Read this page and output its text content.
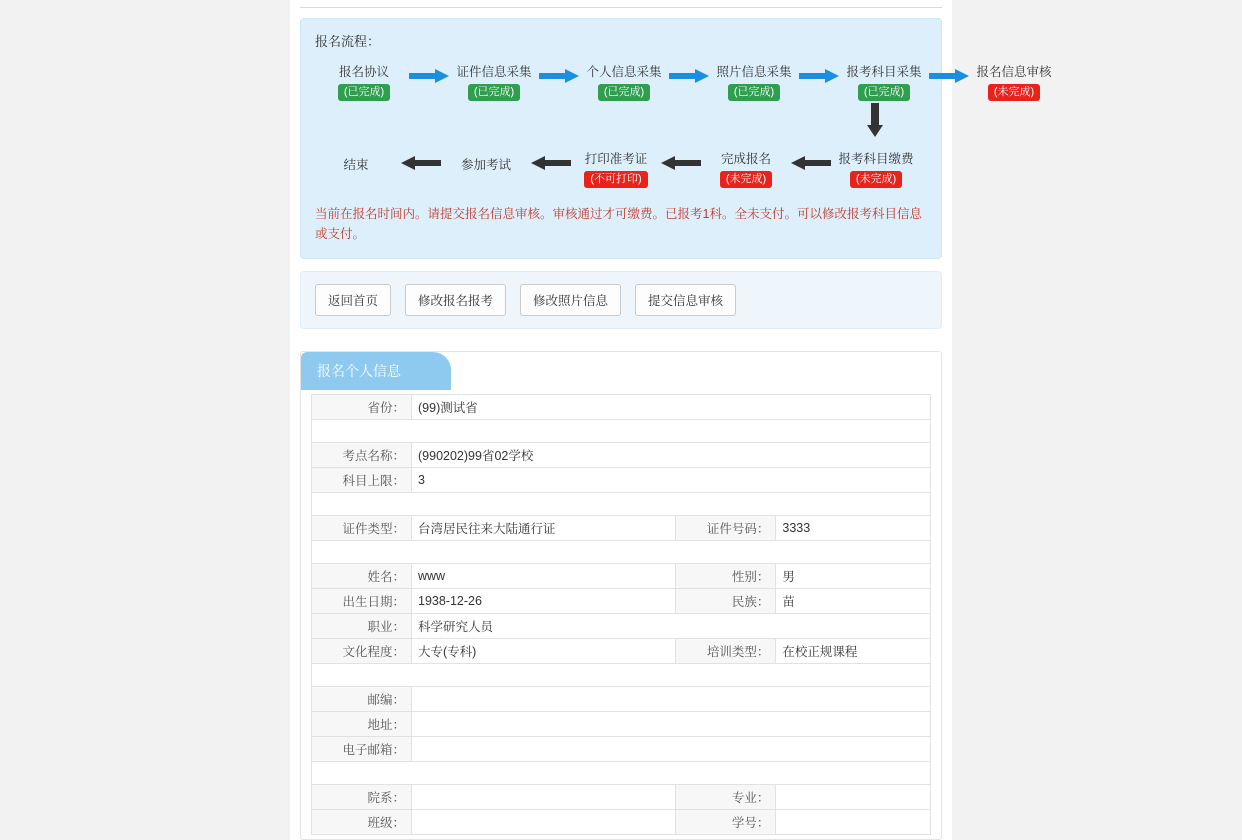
报名流程：
报名协议
(已完成)
证件信息采集
(已完成)
个人信息采集
(已完成)
照片信息采集
(已完成)
报考科目采集
(已完成)
报名信息审核
(未完成)
结束	参加考试	打印准考证
(不可打印)
完成报名
(未完成)
报考科目缴费
(未完成)
当前在报名时间内。请提交报名信息审核。审核通过才可缴费。已报考1科。全未支付。可以修改报考科目信息或支付。
返回首页	修改报名报考	修改照片信息	提交信息审核
报名个人信息
省份：	(99)测试省		

考点名称：	(990202)99省02学校		
科目上限：	3		

证件类型：	台湾居民往来大陆通行证	证件号码：	3333

姓名：	www	性别：	男
出生日期：	1938-12-26	民族：	苗
职业：	科学研究人员		
文化程度：	大专(专科)	培训类型：	在校正规课程

邮编：			
地址：			
电子邮箱：			

院系：		专业：	
班级：		学号：	
